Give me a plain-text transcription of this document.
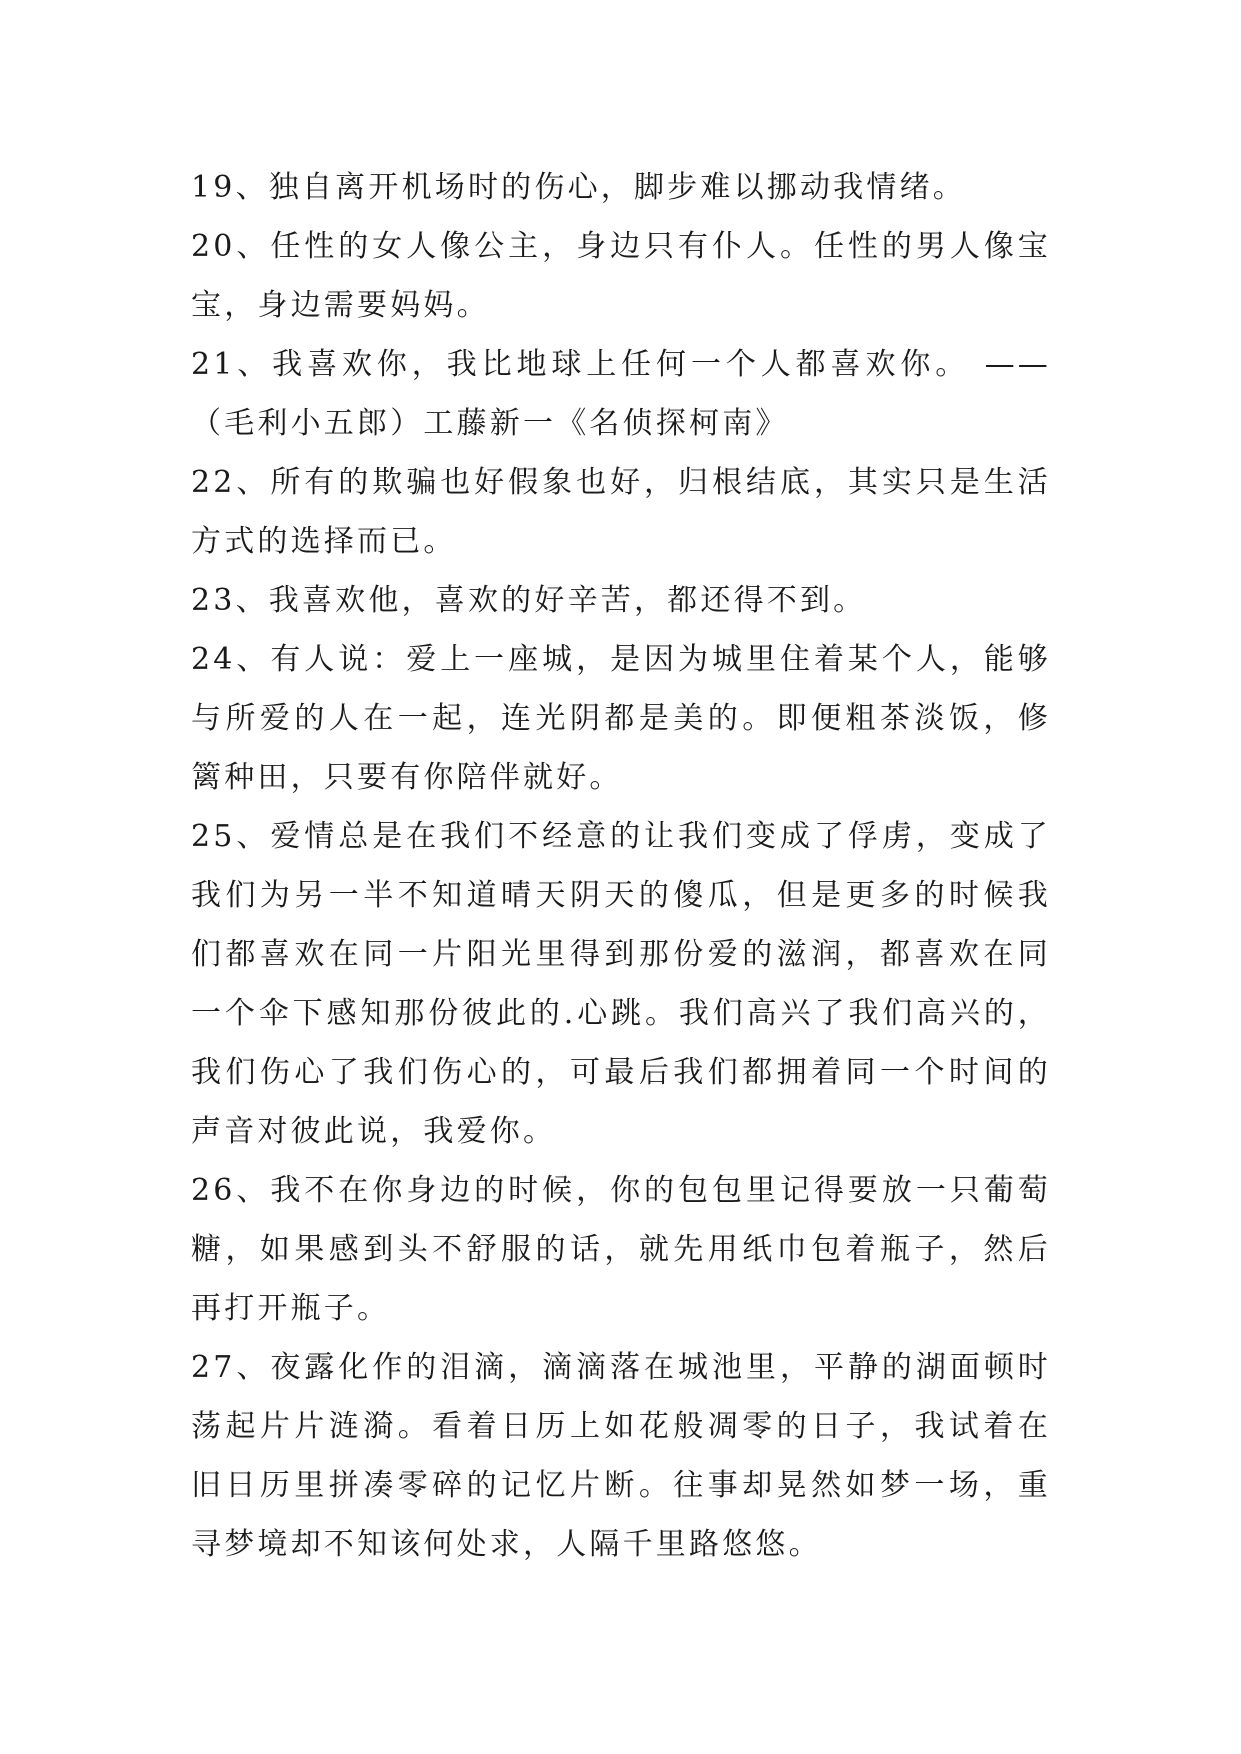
19、独自离开机场时的伤心，脚步难以挪动我情绪。

20、任性的女人像公主，身边只有仆人。任性的男人像宝宝，身边需要妈妈。

21、我喜欢你，我比地球上任何一个人都喜欢你。 ——（毛利小五郎）工藤新一《名侦探柯南》

22、所有的欺骗也好假象也好，归根结底，其实只是生活方式的选择而已。

23、我喜欢他，喜欢的好辛苦，都还得不到。

24、有人说：爱上一座城，是因为城里住着某个人，能够与所爱的人在一起，连光阴都是美的。即便粗茶淡饭，修篱种田，只要有你陪伴就好。

25、爱情总是在我们不经意的让我们变成了俘虏，变成了我们为另一半不知道晴天阴天的傻瓜，但是更多的时候我们都喜欢在同一片阳光里得到那份爱的滋润，都喜欢在同一个伞下感知那份彼此的.心跳。我们高兴了我们高兴的，我们伤心了我们伤心的，可最后我们都拥着同一个时间的声音对彼此说，我爱你。

26、我不在你身边的时候，你的包包里记得要放一只葡萄糖，如果感到头不舒服的话，就先用纸巾包着瓶子，然后再打开瓶子。

27、夜露化作的泪滴，滴滴落在城池里，平静的湖面顿时荡起片片涟漪。看着日历上如花般凋零的日子，我试着在旧日历里拼凑零碎的记忆片断。往事却晃然如梦一场，重寻梦境却不知该何处求，人隔千里路悠悠。
